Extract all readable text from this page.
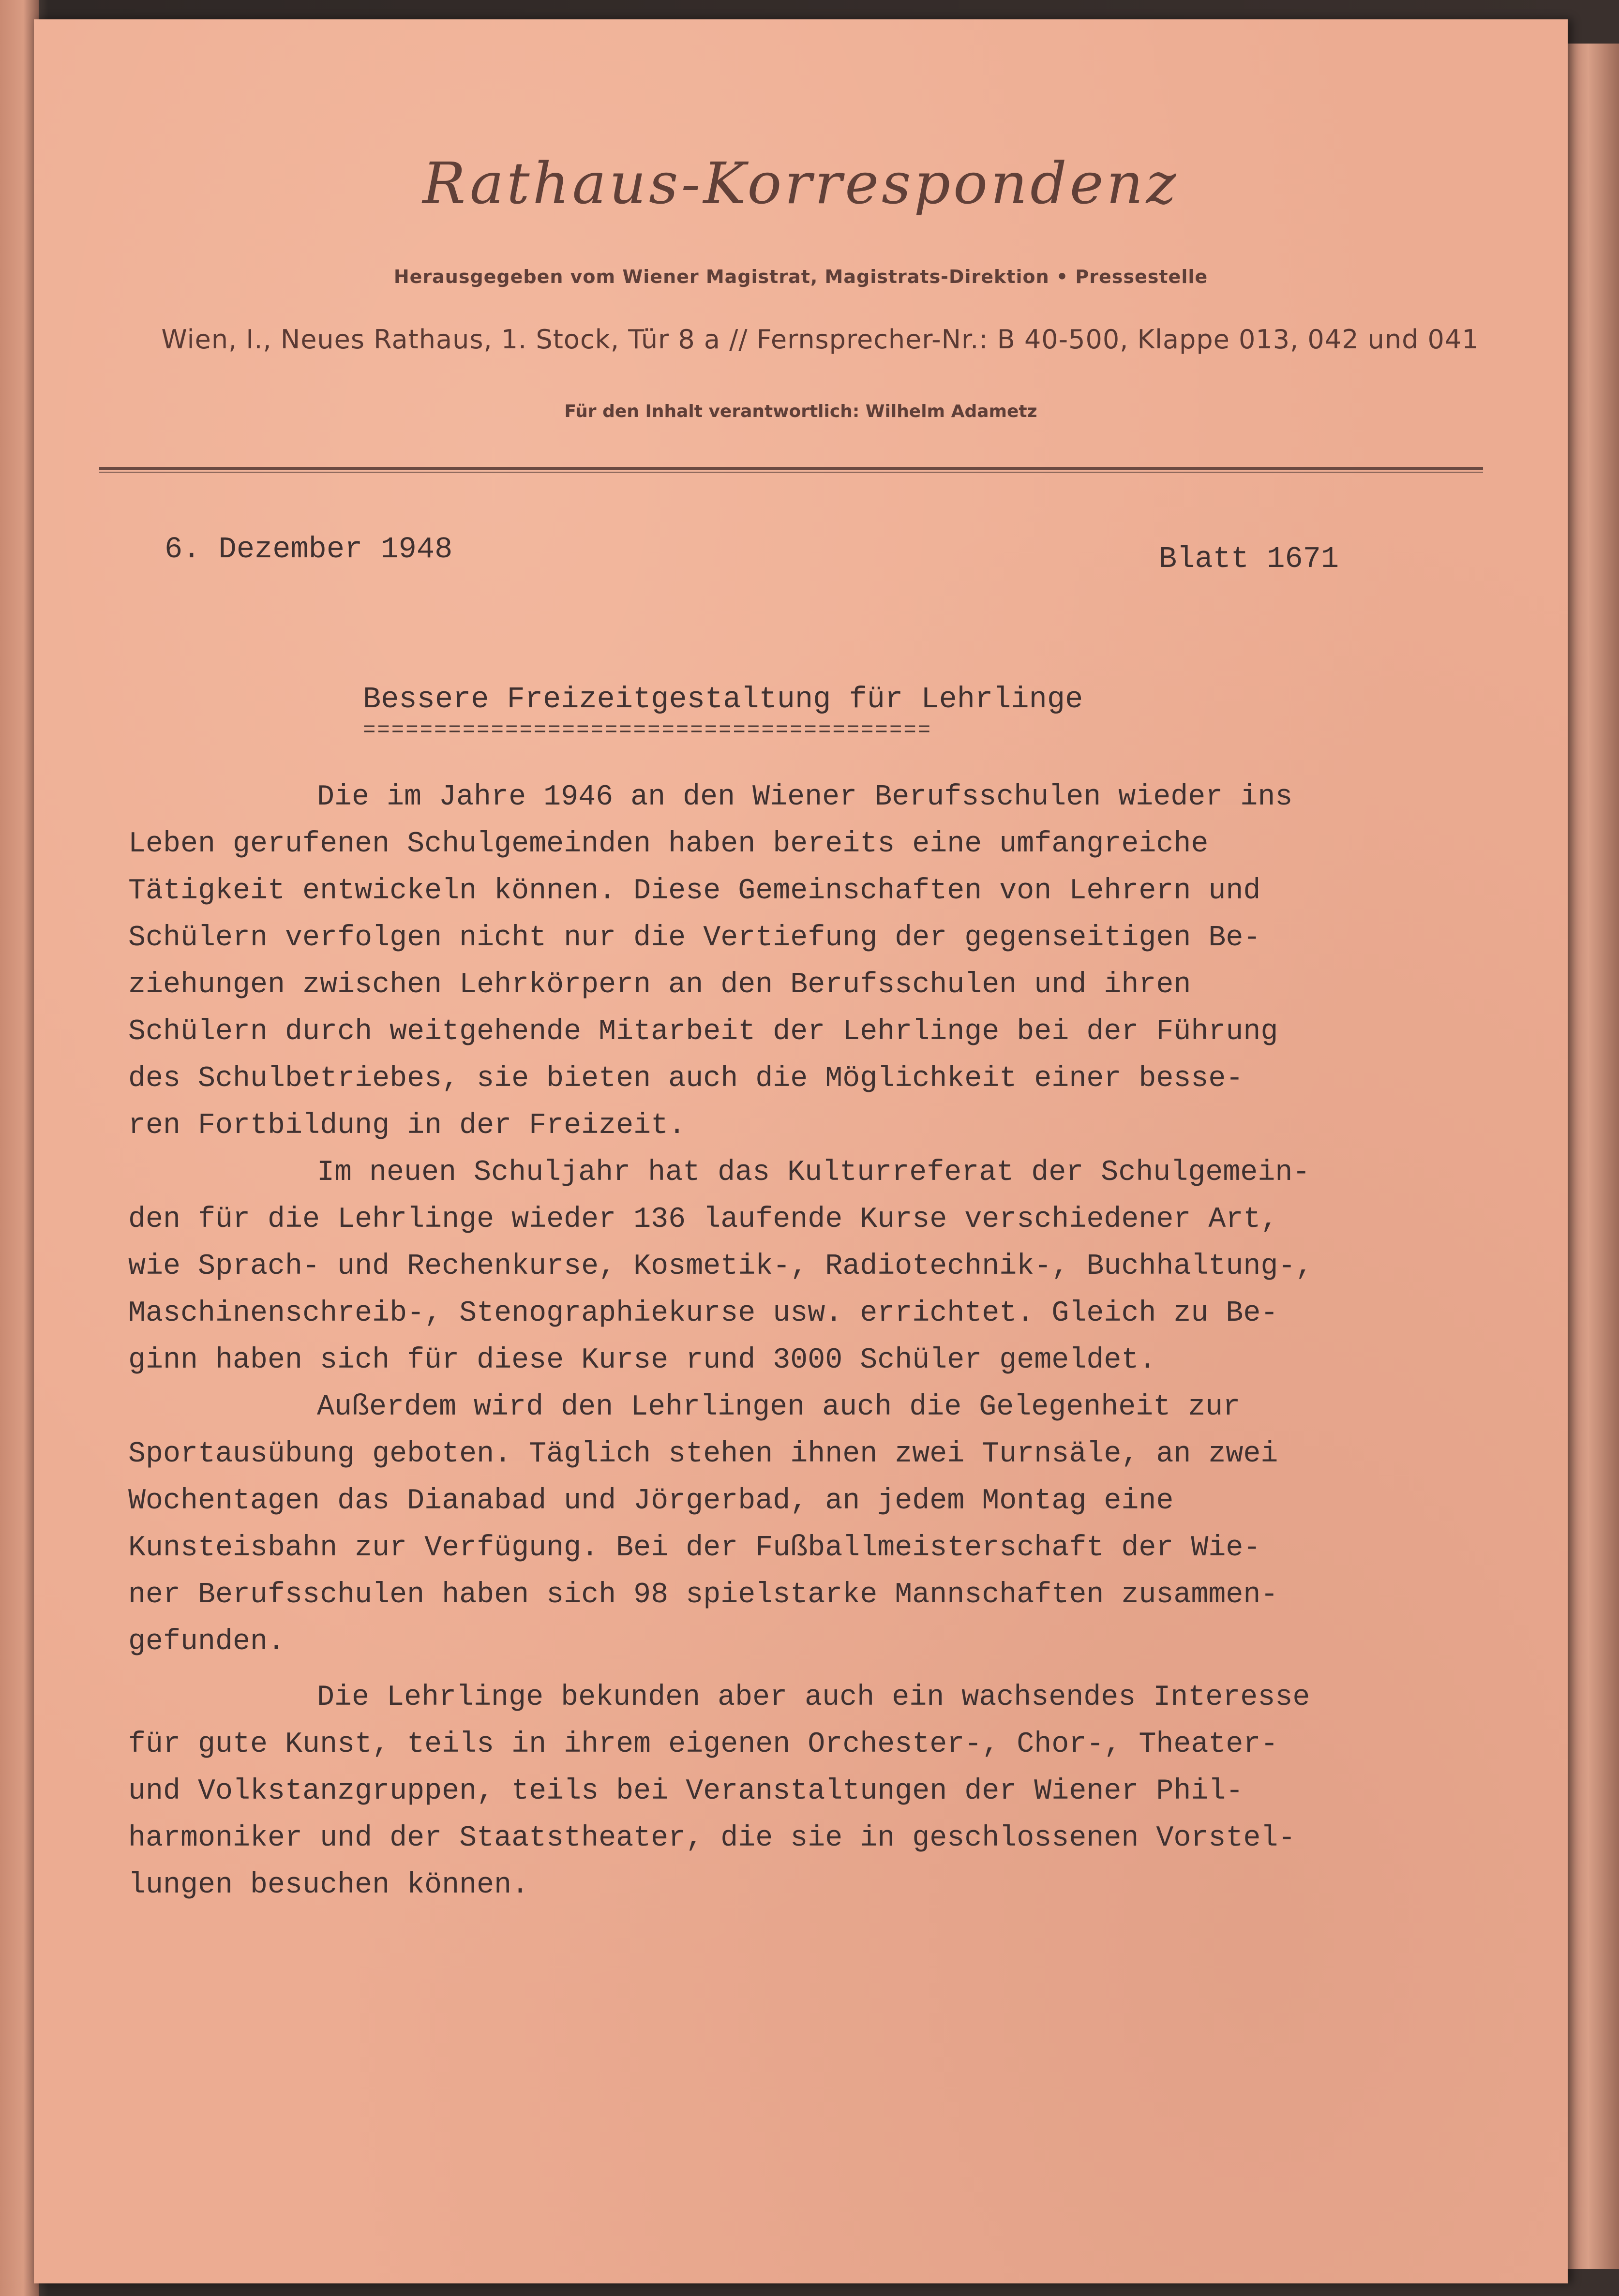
Rathaus-Korrespondenz
Herausgegeben vom Wiener Magistrat, Magistrats-Direktion • Pressestelle
Wien, I., Neues Rathaus, 1. Stock, Tür 8 a // Fernsprecher-Nr.: B 40-500, Klappe 013, 042 und 041
Für den Inhalt verantwortlich: Wilhelm Adametz
6. Dezember 1948	Blatt 1671
Bessere Freizeitgestaltung für Lehrlinge
========================================
Die im Jahre 1946 an den Wiener Berufsschulen wieder ins
Leben gerufenen Schulgemeinden haben bereits eine umfangreiche
Tätigkeit entwickeln können. Diese Gemeinschaften von Lehrern und
Schülern verfolgen nicht nur die Vertiefung der gegenseitigen Be-
ziehungen zwischen Lehrkörpern an den Berufsschulen und ihren
Schülern durch weitgehende Mitarbeit der Lehrlinge bei der Führung
des Schulbetriebes, sie bieten auch die Möglichkeit einer besse-
ren Fortbildung in der Freizeit.
Im neuen Schuljahr hat das Kulturreferat der Schulgemein-
den für die Lehrlinge wieder 136 laufende Kurse verschiedener Art,
wie Sprach- und Rechenkurse, Kosmetik-, Radiotechnik-, Buchhaltung-,
Maschinenschreib-, Stenographiekurse usw. errichtet. Gleich zu Be-
ginn haben sich für diese Kurse rund 3000 Schüler gemeldet.
Außerdem wird den Lehrlingen auch die Gelegenheit zur
Sportausübung geboten. Täglich stehen ihnen zwei Turnsäle, an zwei
Wochentagen das Dianabad und Jörgerbad, an jedem Montag eine
Kunsteisbahn zur Verfügung. Bei der Fußballmeisterschaft der Wie-
ner Berufsschulen haben sich 98 spielstarke Mannschaften zusammen-
gefunden.
Die Lehrlinge bekunden aber auch ein wachsendes Interesse
für gute Kunst, teils in ihrem eigenen Orchester-, Chor-, Theater-
und Volkstanzgruppen, teils bei Veranstaltungen der Wiener Phil-
harmoniker und der Staatstheater, die sie in geschlossenen Vorstel-
lungen besuchen können.
